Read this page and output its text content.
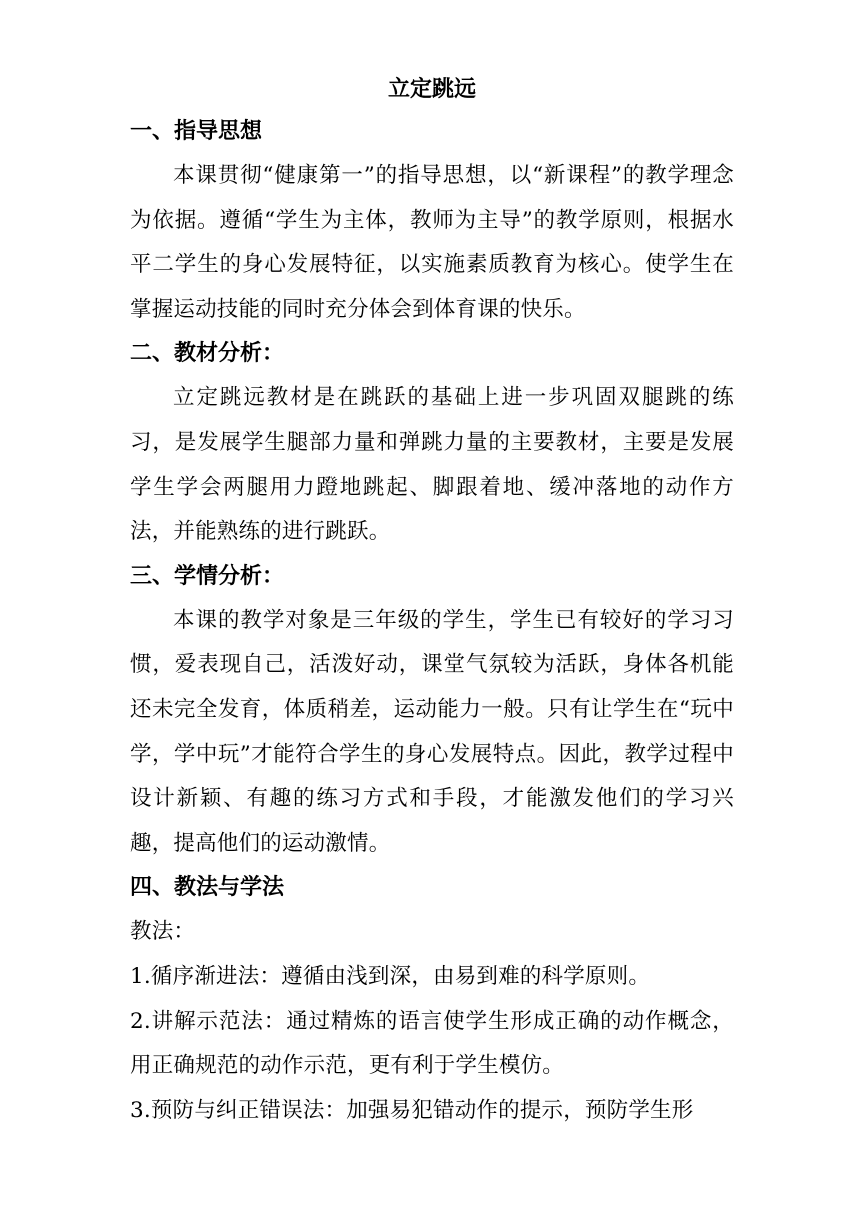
立定跳远
一、指导思想

本课贯彻“健康第一”的指导思想，以“新课程”的教学理念为依据。遵循“学生为主体，教师为主导”的教学原则，根据水平二学生的身心发展特征，以实施素质教育为核心。使学生在掌握运动技能的同时充分体会到体育课的快乐。

二、教材分析：

立定跳远教材是在跳跃的基础上进一步巩固双腿跳的练习，是发展学生腿部力量和弹跳力量的主要教材，主要是发展学生学会两腿用力蹬地跳起、脚跟着地、缓冲落地的动作方法，并能熟练的进行跳跃。

三、学情分析：

本课的教学对象是三年级的学生，学生已有较好的学习习惯，爱表现自己，活泼好动，课堂气氛较为活跃，身体各机能还未完全发育，体质稍差，运动能力一般。只有让学生在“玩中学，学中玩”才能符合学生的身心发展特点。因此，教学过程中设计新颖、有趣的练习方式和手段，才能激发他们的学习兴趣，提高他们的运动激情。

四、教法与学法

教法：

1.循序渐进法：遵循由浅到深，由易到难的科学原则。

2.讲解示范法：通过精炼的语言使学生形成正确的动作概念，用正确规范的动作示范，更有利于学生模仿。

3.预防与纠正错误法：加强易犯错动作的提示，预防学生形
